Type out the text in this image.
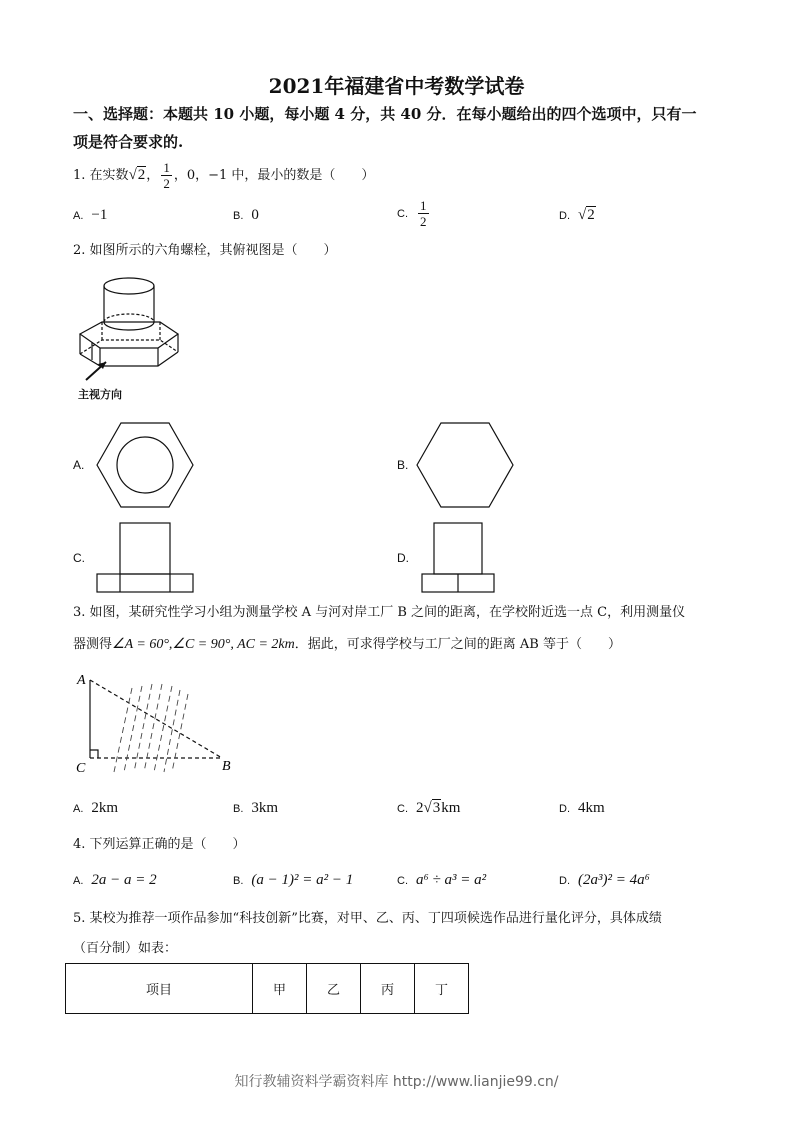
2021年福建省中考数学试卷
一、选择题：本题共 10 小题，每小题 4 分，共 40 分．在每小题给出的四个选项中，只有一
项是符合要求的.
1. 在实数√2， $\frac{1}{2}$ ，0，−1 中，最小的数是（　　）
A. −1	B. 0	C. $\frac{1}{2}$	D. √2
2. 如图所示的六角螺栓，其俯视图是（　　）
主视方向
A.	B.
C.	D.
3. 如图，某研究性学习小组为测量学校 A 与河对岸工厂 B 之间的距离，在学校附近选一点 C，利用测量仪
器测得∠A = 60°,∠C = 90°, AC = 2km．据此，可求得学校与工厂之间的距离 AB 等于（　　）
A
C	B
A. 2km	B. 3km	C. 2√3km	D. 4km
4. 下列运算正确的是（　　）
A. 2a − a = 2	B. (a − 1)² = a² − 1	C. a⁶ ÷ a³ = a²	D. (2a³)² = 4a⁶
5. 某校为推荐一项作品参加“科技创新”比赛，对甲、乙、丙、丁四项候选作品进行量化评分，具体成绩
（百分制）如表：
项目	甲	乙	丙	丁
知行教辅资料学霸资料库 http://www.lianjie99.cn/
